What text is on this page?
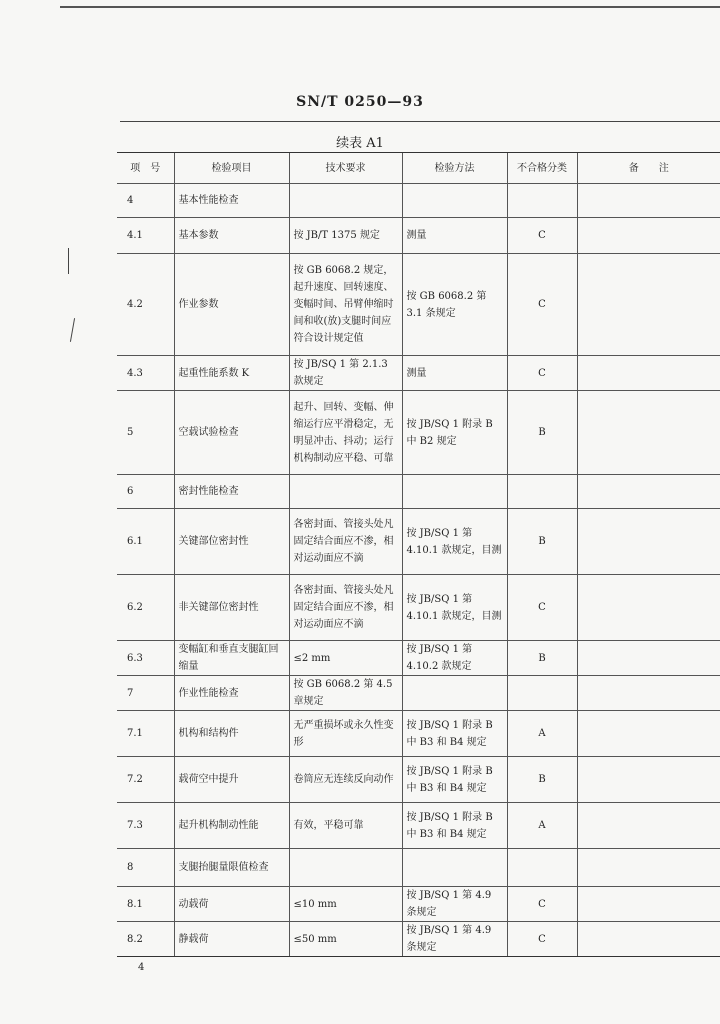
SN/T 0250—93
续表 A1
项　号	检验项目	技术要求	检验方法	不合格分类	备　　注
4	基本性能检查				
4.1	基本参数	按 JB/T 1375 规定	测量	C	
4.2	作业参数	按 GB 6068.2 规定，起升速度、回转速度、变幅时间、吊臂伸缩时间和收(放)支腿时间应符合设计规定值	按 GB 6068.2 第 3.1 条规定	C	
4.3	起重性能系数 K	按 JB/SQ 1 第 2.1.3 款规定	测量	C	
5	空载试验检查	起升、回转、变幅、伸缩运行应平滑稳定，无明显冲击、抖动；运行机构制动应平稳、可靠	按 JB/SQ 1 附录 B 中 B2 规定	B	
6	密封性能检查				
6.1	关键部位密封性	各密封面、管接头处凡固定结合面应不渗，相对运动面应不滴	按 JB/SQ 1 第 4.10.1 款规定，目测	B	
6.2	非关键部位密封性	各密封面、管接头处凡固定结合面应不渗，相对运动面应不滴	按 JB/SQ 1 第 4.10.1 款规定，目测	C	
6.3	变幅缸和垂直支腿缸回缩量	≤2 mm	按 JB/SQ 1 第 4.10.2 款规定	B	
7	作业性能检查	按 GB 6068.2 第 4.5 章规定			
7.1	机构和结构件	无严重损坏或永久性变形	按 JB/SQ 1 附录 B 中 B3 和 B4 规定	A	
7.2	载荷空中提升	卷筒应无连续反向动作	按 JB/SQ 1 附录 B 中 B3 和 B4 规定	B	
7.3	起升机构制动性能	有效，平稳可靠	按 JB/SQ 1 附录 B 中 B3 和 B4 规定	A	
8	支腿抬腿量限值检查				
8.1	动载荷	≤10 mm	按 JB/SQ 1 第 4.9 条规定	C	
8.2	静载荷	≤50 mm	按 JB/SQ 1 第 4.9 条规定	C	
4
